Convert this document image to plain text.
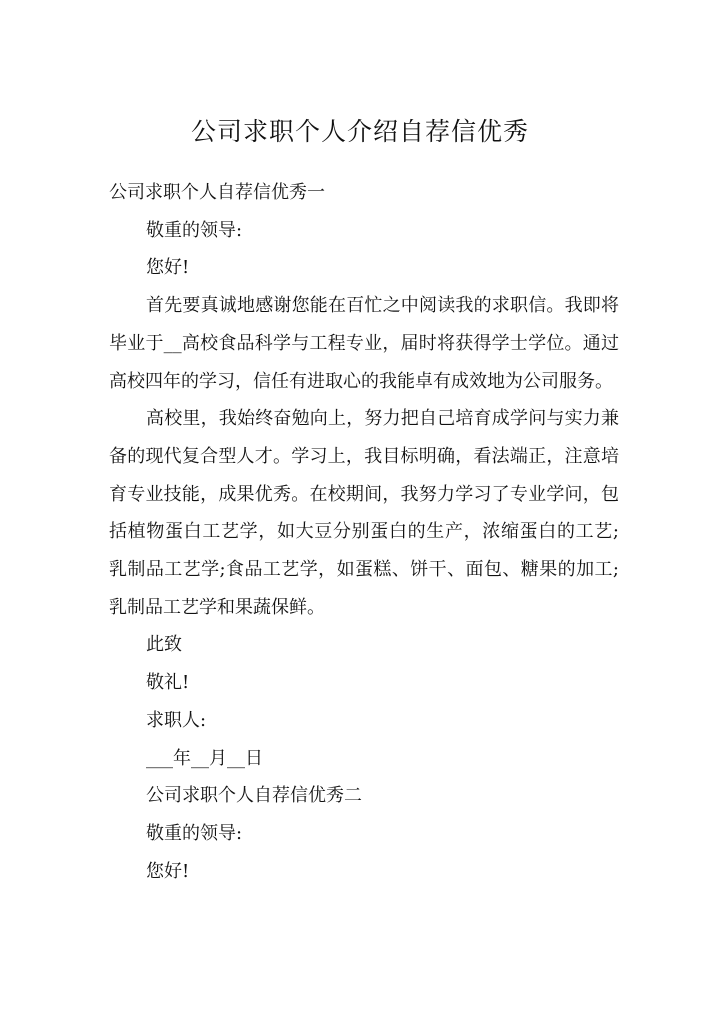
公司求职个人介绍自荐信优秀

公司求职个人自荐信优秀一

敬重的领导:

您好!

首先要真诚地感谢您能在百忙之中阅读我的求职信。我即将毕业于__高校食品科学与工程专业，届时将获得学士学位。通过高校四年的学习，信任有进取心的我能卓有成效地为公司服务。

高校里，我始终奋勉向上，努力把自己培育成学问与实力兼备的现代复合型人才。学习上，我目标明确，看法端正，注意培育专业技能，成果优秀。在校期间，我努力学习了专业学问，包括植物蛋白工艺学，如大豆分别蛋白的生产，浓缩蛋白的工艺;乳制品工艺学;食品工艺学，如蛋糕、饼干、面包、糖果的加工;乳制品工艺学和果蔬保鲜。

此致

敬礼!

求职人:

___年__月__日

公司求职个人自荐信优秀二

敬重的领导:

您好!
